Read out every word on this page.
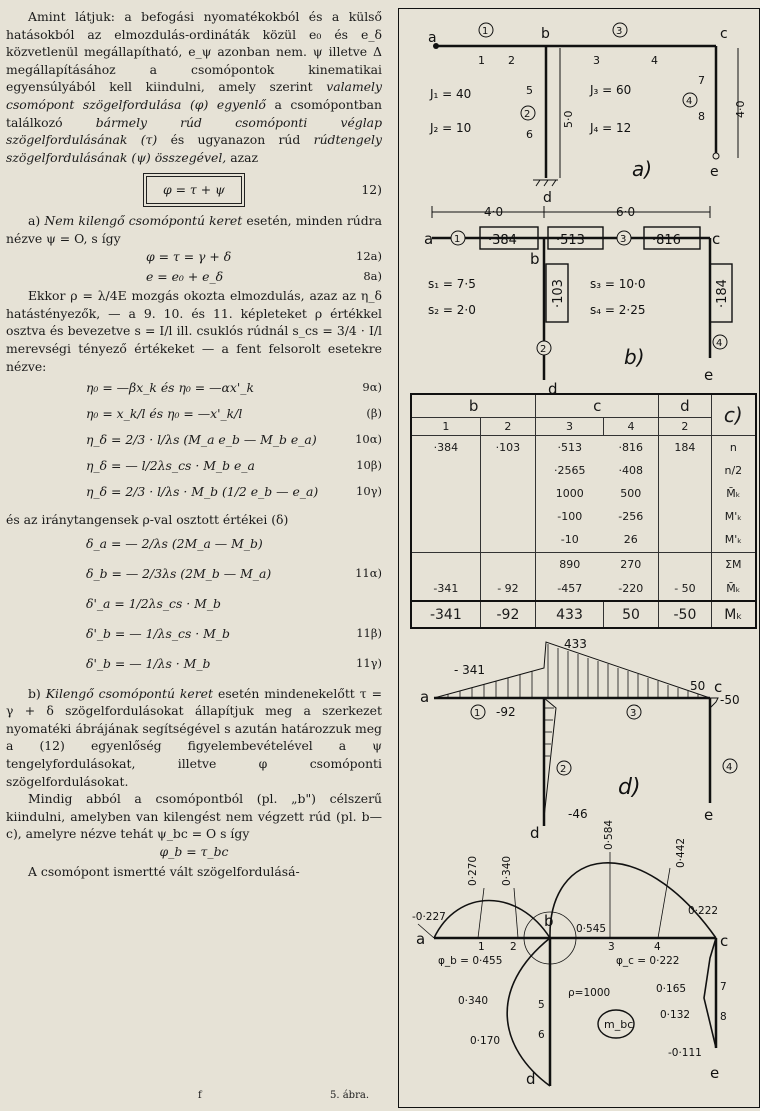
Amint látjuk: a befogási nyomatékokból és a külső hatásokból az elmozdulás-ordináták közül e₀ és e_δ közvetlenül megállapítható, e_ψ azonban nem. ψ illetve Δ megállapításához a csomópontok kinematikai egyensúlyából kell kiindulni, amely szerint valamely csomópont szögelfordulása (φ) egyenlő a csomópontban találkozó	bármely rúd csomóponti véglap szögelfordulásának (τ) és ugyanazon rúd rúdtengely szögelfordulásának (ψ) összegével, azaz

φ = τ + ψ	12)

a) Nem kilengő csomópontú keret esetén, minden rúdra nézve ψ = O, s így

φ = τ = γ + δ	12a)
e = e₀ + e_δ	8a)

Ekkor ρ = λ/4E mozgás okozta elmozdulás, azaz az η_δ hatástényezők, — a 9. 10. és 11. képleteket ρ értékkel osztva és bevezetve s = I/l ill. csuklós rúdnál s_cs = 3/4 · I/l merevségi tényező értékeket — a fent felsorolt esetekre nézve:

η₀ = —βx_k és η₀ = —αx'_k	9α)
η₀ = x_k/l és η₀ = —x'_k/l	(β)
η_δ = 2/3 · l/λs (M_a e_b — M_b e_a)	10α)
η_δ = — l/2λs_cs · M_b e_a	10β)
η_δ = 2/3 · l/λs · M_b (1/2 e_b — e_a)	10γ)

és az iránytangensek ρ-val osztott értékei (δ)

δ_a = — 2/λs (2M_a — M_b)
δ_b = — 2/3λs (2M_b — M_a)	11α)
δ'_a = 1/2λs_cs · M_b
δ'_b = — 1/λs_cs · M_b	11β)
δ'_b = — 1/λs · M_b	11γ)

b) Kilengő csomópontú keret esetén mindenekelőtt τ = γ + δ szögelfordulásokat állapítjuk meg a szerkezet nyomatéki ábrájának segítségével s azután határozzuk meg a (12) egyenlőség figyelembevételével a ψ tengelyfordulásokat, illetve φ csomóponti szögelfordulásokat.

Mindig abból a csomópontból (pl. „b") célszerű kiindulni, amelyben van kilengést nem végzett rúd (pl. b—c), amelyre nézve tehát ψ_bc = O s így

φ_b = τ_bc

A csomópont ismertté vált szögelfordulásá-

f	5. ábra.
a	b	c
d
e
1
2
3
4
1 2	3	4
5
6
7
8
J₁ = 40
J₂ = 10
J₃ = 60
J₄ = 12
5·0
4·0
a)
4·0	6·0
a	c
b
d
e
1	3
2
4
·384	·513	·816
·103	·184
s₁ = 7·5
s₂ = 2·0
s₃ = 10·0
s₄ = 2·25
b)
- 341
433
-92
50
-50
-46
a
c
d
e
1
2
3
4
d)
0·270 0·340
0·584
0·442
-0·227	0·222
0·545
φ_b = 0·455	φ_c = 0·222
ρ=1000
0·340
0·165
0·170
0·132
-0·111
a
b
c
d	e
1 2	3	4
5
6
7
8
m_bc
b		c		d	c)
1	2	3	4	2	
·384	·103	·513	·816	184	n
		·2565	·408		n/2
		1000	500		M̄ₖ
		-100	-256		M'ₖ
		-10	26		M'ₖ
		890	270		ΣM
-341	- 92	-457	-220	- 50	M̄ₖ
-341	-92	433	50	-50	Mₖ
